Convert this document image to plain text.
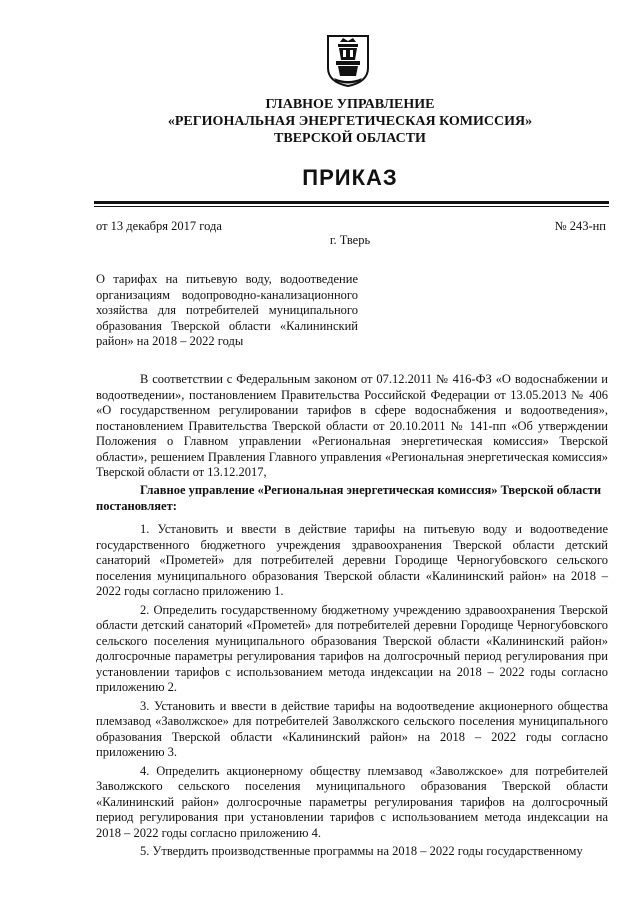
ГЛАВНОЕ УПРАВЛЕНИЕ
«РЕГИОНАЛЬНАЯ ЭНЕРГЕТИЧЕСКАЯ КОМИССИЯ»
ТВЕРСКОЙ ОБЛАСТИ
ПРИКАЗ
от 13 декабря 2017 года	№ 243-нп
г. Тверь
О тарифах на питьевую воду, водоотведение организациям водопроводно-канализационного хозяйства для потребителей муниципального образования Тверской области «Калининский район» на 2018 – 2022 годы
В соответствии с Федеральным законом от 07.12.2011 № 416-ФЗ «О водоснабжении и водоотведении», постановлением Правительства Российской Федерации от 13.05.2013 № 406 «О государственном регулировании тарифов в сфере водоснабжения и водоотведения», постановлением Правительства Тверской области от 20.10.2011 № 141-пп «Об утверждении Положения о Главном управлении «Региональная энергетическая комиссия» Тверской области», решением Правления Главного управления «Региональная энергетическая комиссия» Тверской области от 13.12.2017,
Главное управление «Региональная энергетическая комиссия» Тверской области постановляет:

1. Установить и ввести в действие тарифы на питьевую воду и водоотведение государственного бюджетного учреждения здравоохранения Тверской области детский санаторий «Прометей» для потребителей деревни Городище Черногубовского сельского поселения муниципального образования Тверской области «Калининский район» на 2018 – 2022 годы согласно приложению 1.

2. Определить государственному бюджетному учреждению здравоохранения Тверской области детский санаторий «Прометей» для потребителей деревни Городище Черногубовского сельского поселения муниципального образования Тверской области «Калининский район» долгосрочные параметры регулирования тарифов на долгосрочный период регулирования при установлении тарифов с использованием метода индексации на 2018 – 2022 годы согласно приложению 2.

3. Установить и ввести в действие тарифы на водоотведение акционерного общества племзавод «Заволжское» для потребителей Заволжского сельского поселения муниципального образования Тверской области «Калининский район» на 2018 – 2022 годы согласно приложению 3.

4. Определить акционерному обществу племзавод «Заволжское» для потребителей Заволжского сельского поселения муниципального образования Тверской области «Калининский район» долгосрочные параметры регулирования тарифов на долгосрочный период регулирования при установлении тарифов с использованием метода индексации на 2018 – 2022 годы согласно приложению 4.

5. Утвердить производственные программы на 2018 – 2022 годы государственному
